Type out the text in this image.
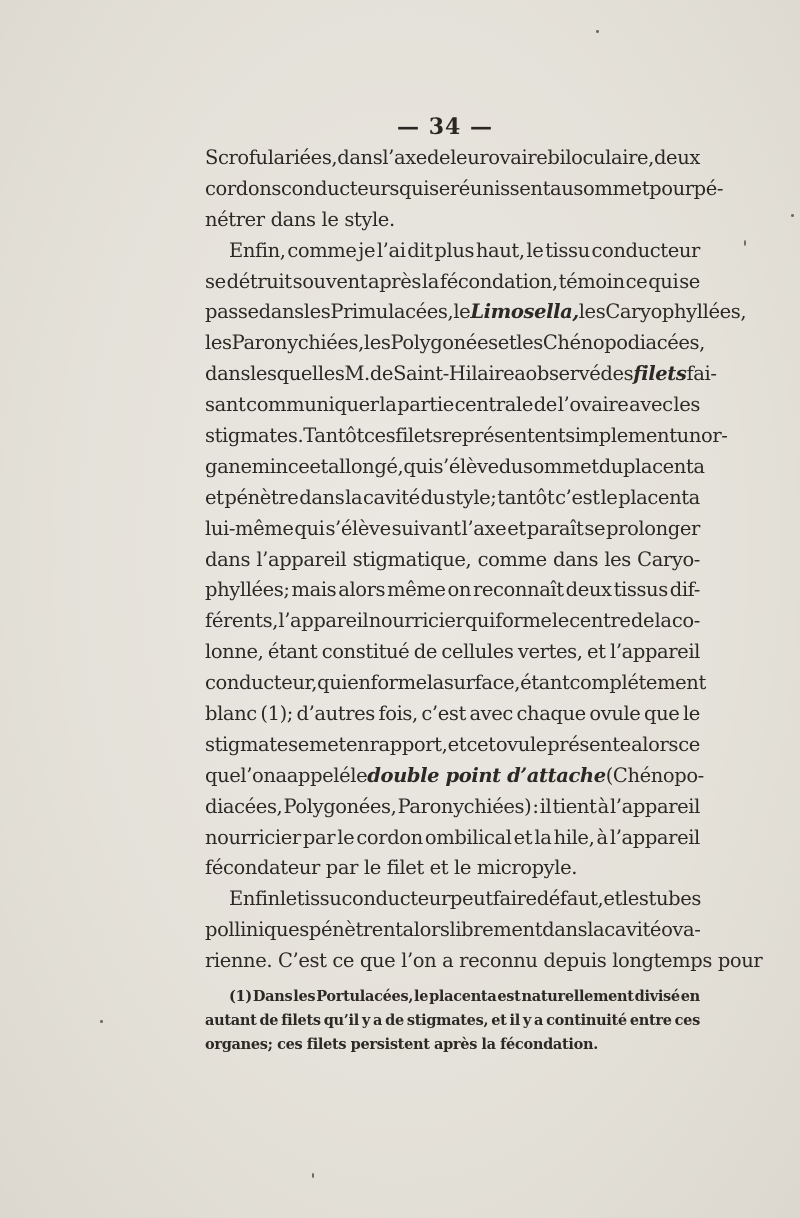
— 34 —
Scrofulariées, dans l’axe de leur ovaire biloculaire, deux
cordons conducteurs qui se réunissent au sommet pour pé-
nétrer dans le style.
Enfin, comme je l’ai dit plus haut, le tissu conducteur
se détruit souvent après la fécondation, témoin ce qui se
passe dans les Primulacées, le Limosella, les Caryophyllées,
les Paronychiées, les Polygonées et les Chénopodiacées,
dans lesquelles M. de Saint-Hilaire a observé des filets fai-
sant communiquer la partie centrale de l’ovaire avec les
stigmates. Tantôt ces filets représentent simplement un or-
gane mince et allongé, qui s’élève du sommet du placenta
et pénètre dans la cavité du style; tantôt c’est le placenta
lui-même qui s’élève suivant l’axe et paraît se prolonger
dans l’appareil stigmatique, comme dans les Caryo-
phyllées; mais alors même on reconnaît deux tissus dif-
férents, l’appareil nourricier qui forme le centre de la co-
lonne, étant constitué de cellules vertes, et l’appareil
conducteur, qui en forme la surface, étant complétement
blanc (1); d’autres fois, c’est avec chaque ovule que le
stigmate se met en rapport, et cet ovule présente alors ce
que l’on a appelé le double point d’attache (Chénopo-
diacées, Polygonées, Paronychiées) : il tient à l’appareil
nourricier par le cordon ombilical et la hile, à l’appareil
fécondateur par le filet et le micropyle.
Enfin le tissu conducteur peut faire défaut, et les tubes
polliniques pénètrent alors librement dans la cavité ova-
rienne. C’est ce que l’on a reconnu depuis longtemps pour
(1) Dans les Portulacées, le placenta est naturellement divisé en
autant de filets qu’il y a de stigmates, et il y a continuité entre ces
organes; ces filets persistent après la fécondation.
